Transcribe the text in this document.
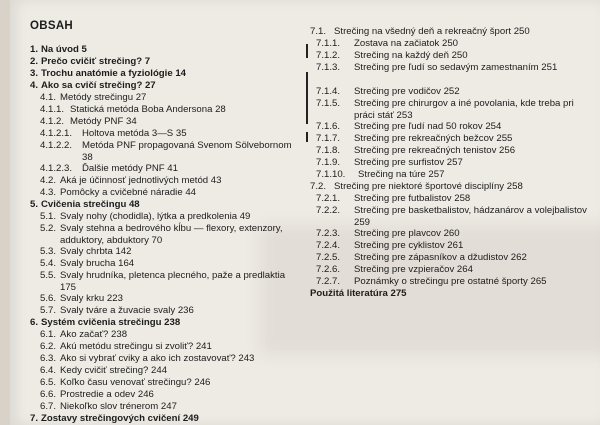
OBSAH
1. Na úvod 5
2. Prečo cvičiť strečing? 7
3. Trochu anatómie a fyziológie 14
4. Ako sa cvičí strečing? 27
4.1. Metódy strečingu 27
4.1.1. Statická metóda Boba Andersona 28
4.1.2. Metódy PNF 34
4.1.2.1.	Holtova metóda 3—S 35
4.1.2.2.	Metóda PNF propagovaná Svenom Sölvebornom 38
4.1.2.3.	Ďalšie metódy PNF 41
4.2. Aká je účinnosť jednotlivých metód 43
4.3. Pomôcky a cvičebné náradie 44
5. Cvičenia strečingu 48
5.1. Svaly nohy (chodidla), lýtka a predkolenia 49
5.2. Svaly stehna a bedrového kĺbu — flexory, extenzory, adduktory, abduktory 70
5.3. Svaly chrbta 142
5.4. Svaly brucha 164
5.5. Svaly hrudníka, pletenca plecného, paže a predlaktia 175
5.6. Svaly krku 223
5.7. Svaly tváre a žuvacie svaly 236
6. Systém cvičenia strečingu 238
6.1. Ako začať? 238
6.2. Akú metódu strečingu si zvoliť? 241
6.3. Ako si vybrať cviky a ako ich zostavovať? 243
6.4. Kedy cvičiť strečing? 244
6.5. Koľko času venovať strečingu? 246
6.6. Prostredie a odev 246
6.7. Niekoľko slov trénerom 247
7. Zostavy strečingových cvičení 249
7.1. Strečing na všedný deň a rekreačný šport 250
7.1.1.	Zostava na začiatok 250
7.1.2.	Strečing na každý deň 250
7.1.3.	Strečing pre ľudí so sedavým zamestnaním 251
7.1.4.	Strečing pre vodičov 252
7.1.5.	Strečing pre chirurgov a iné povolania, kde treba pri práci stáť 253
7.1.6.	Strečing pre ľudí nad 50 rokov 254
7.1.7.	Strečing pre rekreačných bežcov 255
7.1.8.	Strečing pre rekreačných tenistov 256
7.1.9.	Strečing pre surfistov 257
7.1.10.	Strečing na túre 257
7.2. Strečing pre niektoré športové disciplíny 258
7.2.1.	Strečing pre futbalistov 258
7.2.2.	Strečing pre basketbalistov, hádzanárov a volejbalistov 259
7.2.3.	Strečing pre plavcov 260
7.2.4.	Strečing pre cyklistov 261
7.2.5.	Strečing pre zápasníkov a džudistov 262
7.2.6.	Strečing pre vzpieračov 264
7.2.7.	Poznámky o strečingu pre ostatné športy 265
Použitá literatúra 275
